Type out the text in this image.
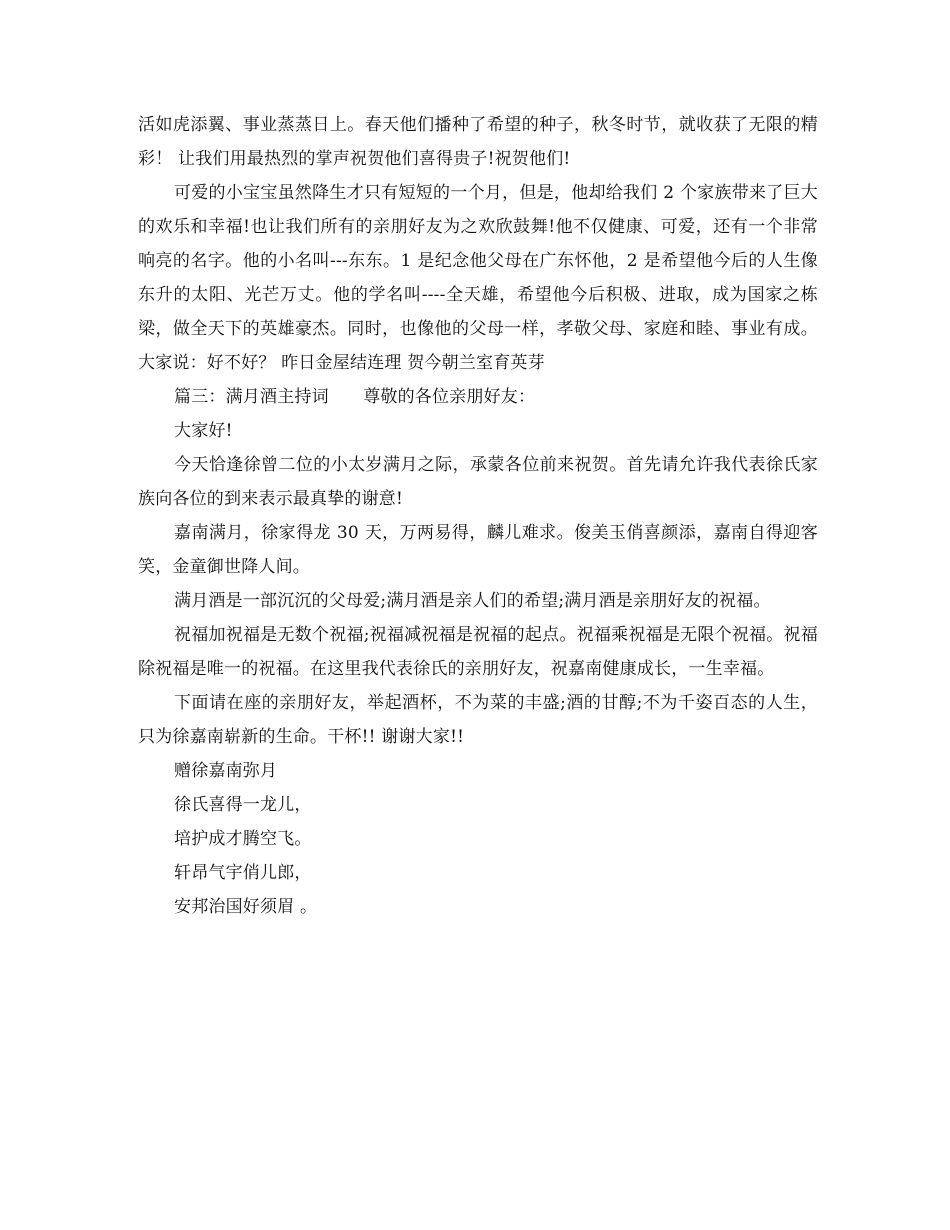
活如虎添翼、事业蒸蒸日上。春天他们播种了希望的种子，秋冬时节，就收获了无限的精彩！ 让我们用最热烈的掌声祝贺他们喜得贵子!祝贺他们!

可爱的小宝宝虽然降生才只有短短的一个月，但是，他却给我们 2 个家族带来了巨大的欢乐和幸福!也让我们所有的亲朋好友为之欢欣鼓舞!他不仅健康、可爱，还有一个非常响亮的名字。他的小名叫---东东。1 是纪念他父母在广东怀他，2 是希望他今后的人生像东升的太阳、光芒万丈。他的学名叫----全天雄，希望他今后积极、进取，成为国家之栋梁，做全天下的英雄豪杰。同时，也像他的父母一样，孝敬父母、家庭和睦、事业有成。大家说：好不好？ 昨日金屋结连理 贺今朝兰室育英芽

篇三：满月酒主持词　　尊敬的各位亲朋好友：

大家好!

今天恰逢徐曾二位的小太岁满月之际，承蒙各位前来祝贺。首先请允许我代表徐氏家族向各位的到来表示最真挚的谢意!

嘉南满月，徐家得龙 30 天，万两易得，麟儿难求。俊美玉俏喜颜添，嘉南自得迎客笑，金童御世降人间。

满月酒是一部沉沉的父母爱;满月酒是亲人们的希望;满月酒是亲朋好友的祝福。

祝福加祝福是无数个祝福;祝福减祝福是祝福的起点。祝福乘祝福是无限个祝福。祝福除祝福是唯一的祝福。在这里我代表徐氏的亲朋好友，祝嘉南健康成长，一生幸福。

下面请在座的亲朋好友，举起酒杯，不为菜的丰盛;酒的甘醇;不为千姿百态的人生，只为徐嘉南崭新的生命。干杯!! 谢谢大家!!

赠徐嘉南弥月

徐氏喜得一龙儿，

培护成才腾空飞。

轩昂气宇俏儿郎，

安邦治国好须眉 。
